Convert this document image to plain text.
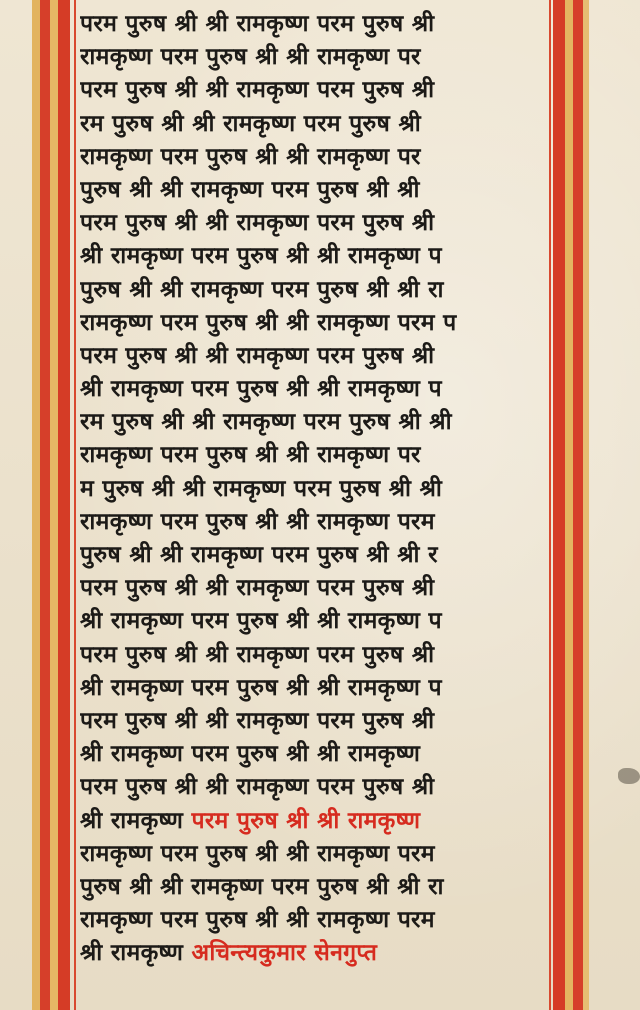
परम पुरुष श्री श्री रामकृष्ण परम पुरुष श्री
रामकृष्ण परम पुरुष श्री श्री रामकृष्ण पर
परम पुरुष श्री श्री रामकृष्ण परम पुरुष श्री
रम पुरुष श्री श्री रामकृष्ण परम पुरुष श्री
रामकृष्ण परम पुरुष श्री श्री रामकृष्ण पर
पुरुष श्री श्री रामकृष्ण परम पुरुष श्री श्री
परम पुरुष श्री श्री रामकृष्ण परम पुरुष श्री
श्री रामकृष्ण परम पुरुष श्री श्री रामकृष्ण प
पुरुष श्री श्री रामकृष्ण परम पुरुष श्री श्री रा
रामकृष्ण परम पुरुष श्री श्री रामकृष्ण परम प
परम पुरुष श्री श्री रामकृष्ण परम पुरुष श्री
श्री रामकृष्ण परम पुरुष श्री श्री रामकृष्ण प
रम पुरुष श्री श्री रामकृष्ण परम पुरुष श्री श्री
रामकृष्ण परम पुरुष श्री श्री रामकृष्ण पर
म पुरुष श्री श्री रामकृष्ण परम पुरुष श्री श्री
रामकृष्ण परम पुरुष श्री श्री रामकृष्ण परम
पुरुष श्री श्री रामकृष्ण परम पुरुष श्री श्री र
परम पुरुष श्री श्री रामकृष्ण परम पुरुष श्री
श्री रामकृष्ण परम पुरुष श्री श्री रामकृष्ण प
परम पुरुष श्री श्री रामकृष्ण परम पुरुष श्री
श्री रामकृष्ण परम पुरुष श्री श्री रामकृष्ण प
परम पुरुष श्री श्री रामकृष्ण परम पुरुष श्री
श्री रामकृष्ण परम पुरुष श्री श्री रामकृष्ण
परम पुरुष श्री श्री रामकृष्ण परम पुरुष श्री
श्री रामकृष्ण परम पुरुष श्री श्री रामकृष्ण
रामकृष्ण परम पुरुष श्री श्री रामकृष्ण परम
पुरुष श्री श्री रामकृष्ण परम पुरुष श्री श्री रा
रामकृष्ण परम पुरुष श्री श्री रामकृष्ण परम
श्री रामकृष्ण अचिन्त्यकुमार सेनगुप्त
